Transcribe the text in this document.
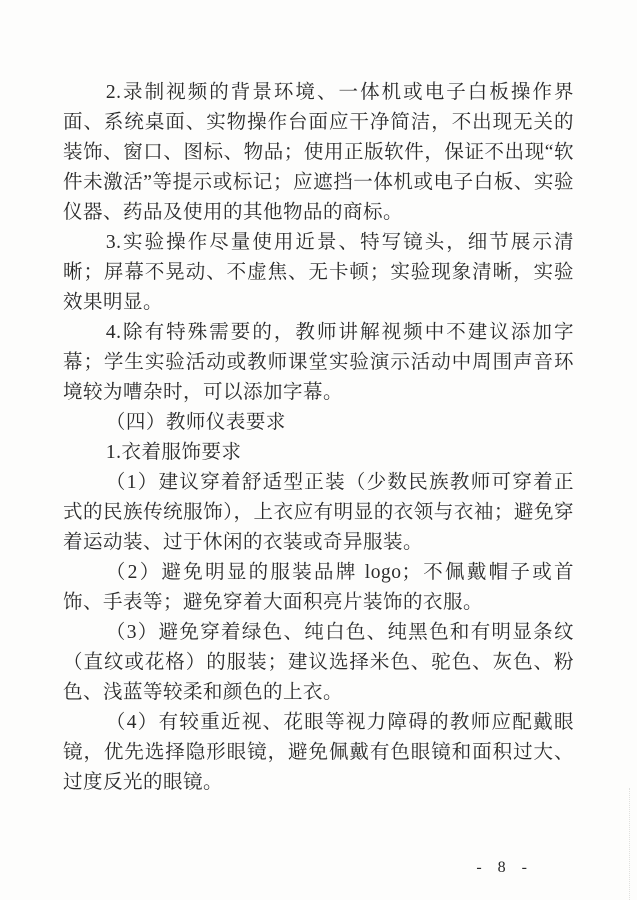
2.录制视频的背景环境、一体机或电子白板操作界面、系统桌面、实物操作台面应干净简洁，不出现无关的装饰、窗口、图标、物品；使用正版软件，保证不出现“软件未激活”等提示或标记；应遮挡一体机或电子白板、实验仪器、药品及使用的其他物品的商标。

3.实验操作尽量使用近景、特写镜头，细节展示清晰；屏幕不晃动、不虚焦、无卡顿；实验现象清晰，实验效果明显。

4.除有特殊需要的，教师讲解视频中不建议添加字幕；学生实验活动或教师课堂实验演示活动中周围声音环境较为嘈杂时，可以添加字幕。

（四）教师仪表要求

1.衣着服饰要求

（1）建议穿着舒适型正装（少数民族教师可穿着正式的民族传统服饰），上衣应有明显的衣领与衣袖；避免穿着运动装、过于休闲的衣装或奇异服装。

（2）避免明显的服装品牌 logo；不佩戴帽子或首饰、手表等；避免穿着大面积亮片装饰的衣服。

（3）避免穿着绿色、纯白色、纯黑色和有明显条纹（直纹或花格）的服装；建议选择米色、驼色、灰色、粉色、浅蓝等较柔和颜色的上衣。

（4）有较重近视、花眼等视力障碍的教师应配戴眼镜，优先选择隐形眼镜，避免佩戴有色眼镜和面积过大、过度反光的眼镜。

- 8 -
